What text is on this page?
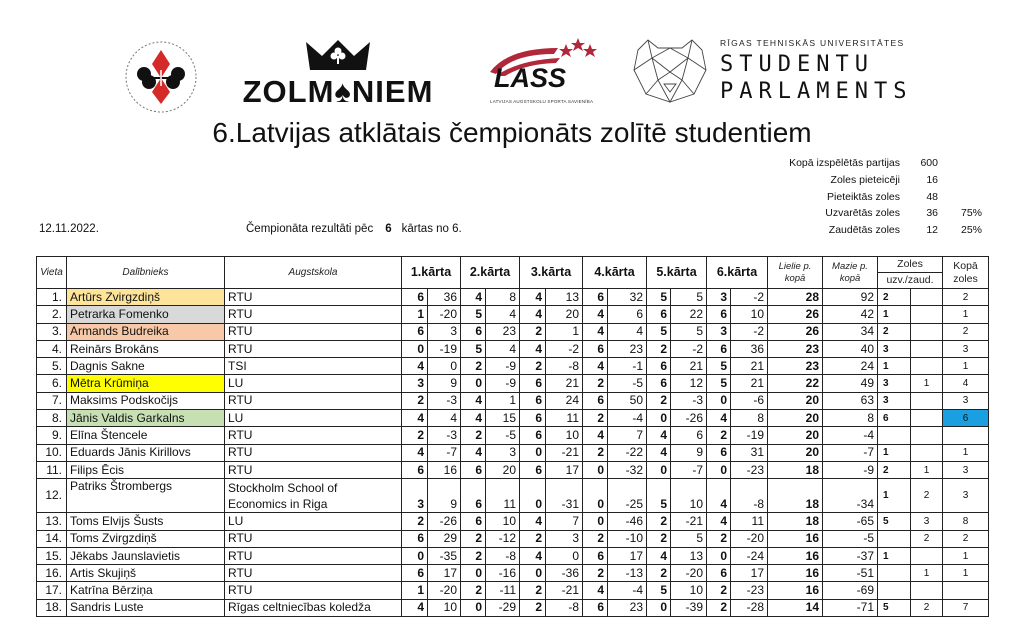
ZOLM♠NIEM	LASS
LATVIJAS AUGSTSKOLU SPORTA SAVIENĪBA
RĪGAS TEHNISKĀS UNIVERSITĀTES
STUDENTU
PARLAMENTS
6.Latvijas atklātais čempionāts zolītē studentiem
Kopā izspēlētās partijas	600
Zoles pieteicēji	16
Pieteiktās zoles	48
Uzvarētās zoles	36	75%
Zaudētās zoles	12	25%
12.11.2022.	Čempionāta rezultāti pēc 6 kārtas no 6.
Vieta	Dalībnieks	Augstskola	1.kārta		2.kārta		3.kārta		4.kārta		5.kārta		6.kārta		Lielie p. kopā	Mazie p. kopā	Zoles		Kopā zoles
																	uzv./zaud.		
1.	Artūrs Zvirgzdiņš	RTU	6	36	4	8	4	13	6	32	5	5	3	-2	28	92	2		2
2.	Petrarka Fomenko	RTU	1	-20	5	4	4	20	4	6	6	22	6	10	26	42	1		1
3.	Armands Budreika	RTU	6	3	6	23	2	1	4	4	5	5	3	-2	26	34	2		2
4.	Reinārs Brokāns	RTU	0	-19	5	4	4	-2	6	23	2	-2	6	36	23	40	3		3
5.	Dagnis Sakne	TSI	4	0	2	-9	2	-8	4	-1	6	21	5	21	23	24	1		1
6.	Mētra Krūmiņa	LU	3	9	0	-9	6	21	2	-5	6	12	5	21	22	49	3	1	4
7.	Maksims Podskočijs	RTU	2	-3	4	1	6	24	6	50	2	-3	0	-6	20	63	3		3
8.	Jānis Valdis Garkalns	LU	4	4	4	15	6	11	2	-4	0	-26	4	8	20	8	6		6
9.	Elīna Štencele	RTU	2	-3	2	-5	6	10	4	7	4	6	2	-19	20	-4			
10.	Eduards Jānis Kirillovs	RTU	4	-7	4	3	0	-21	2	-22	4	9	6	31	20	-7	1		1
11.	Filips Ēcis	RTU	6	16	6	20	6	17	0	-32	0	-7	0	-23	18	-9	2	1	3
12.	Patriks Štrombergs	Stockholm School of
Economics in Riga	3	9	6	11	0	-31	0	-25	5	10	4	-8	18	-34	1	2	3
13.	Toms Elvijs Šusts	LU	2	-26	6	10	4	7	0	-46	2	-21	4	11	18	-65	5	3	8
14.	Toms Zvirgzdiņš	RTU	6	29	2	-12	2	3	2	-10	2	5	2	-20	16	-5		2	2
15.	Jēkabs Jaunslavietis	RTU	0	-35	2	-8	4	0	6	17	4	13	0	-24	16	-37	1		1
16.	Artis Skujiņš	RTU	6	17	0	-16	0	-36	2	-13	2	-20	6	17	16	-51		1	1
17.	Katrīna Bērziņa	RTU	1	-20	2	-11	2	-21	4	-4	5	10	2	-23	16	-69			
18.	Sandris Luste	Rīgas celtniecības koledža	4	10	0	-29	2	-8	6	23	0	-39	2	-28	14	-71	5	2	7
